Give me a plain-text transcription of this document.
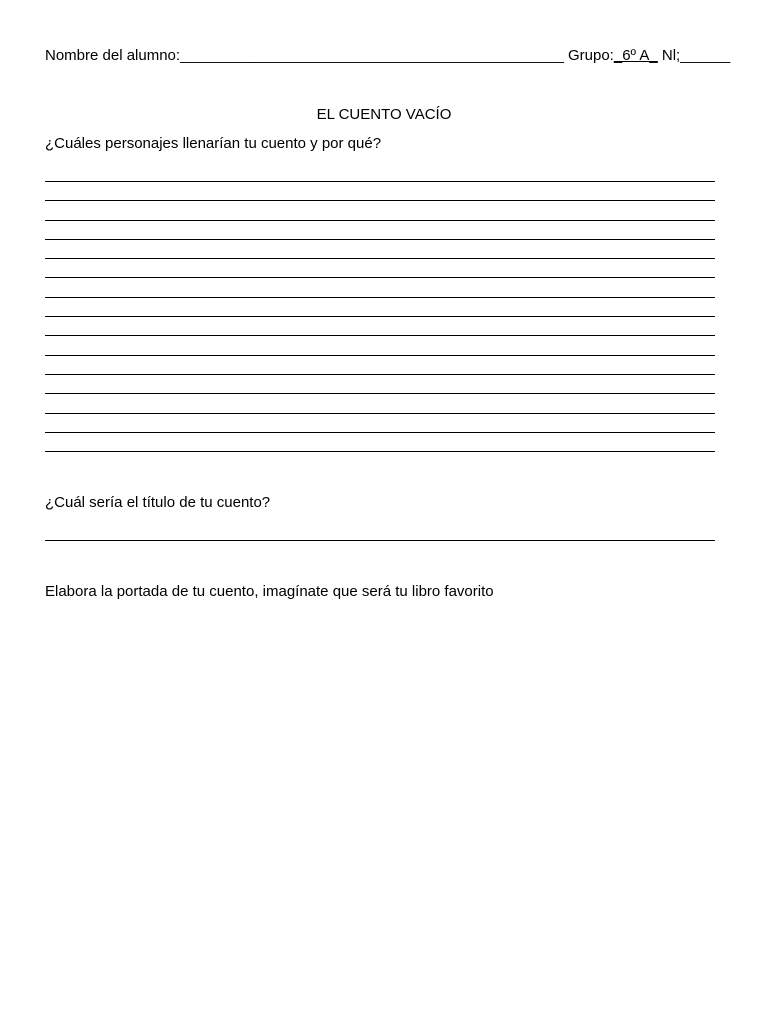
Nombre del alumno:______________________________________________ Grupo:_6º A_ Nl;______
EL CUENTO VACÍO
¿Cuáles personajes llenarían tu cuento y por qué?
¿Cuál sería el título de tu cuento?
Elabora la portada de tu cuento, imagínate que será tu libro favorito
